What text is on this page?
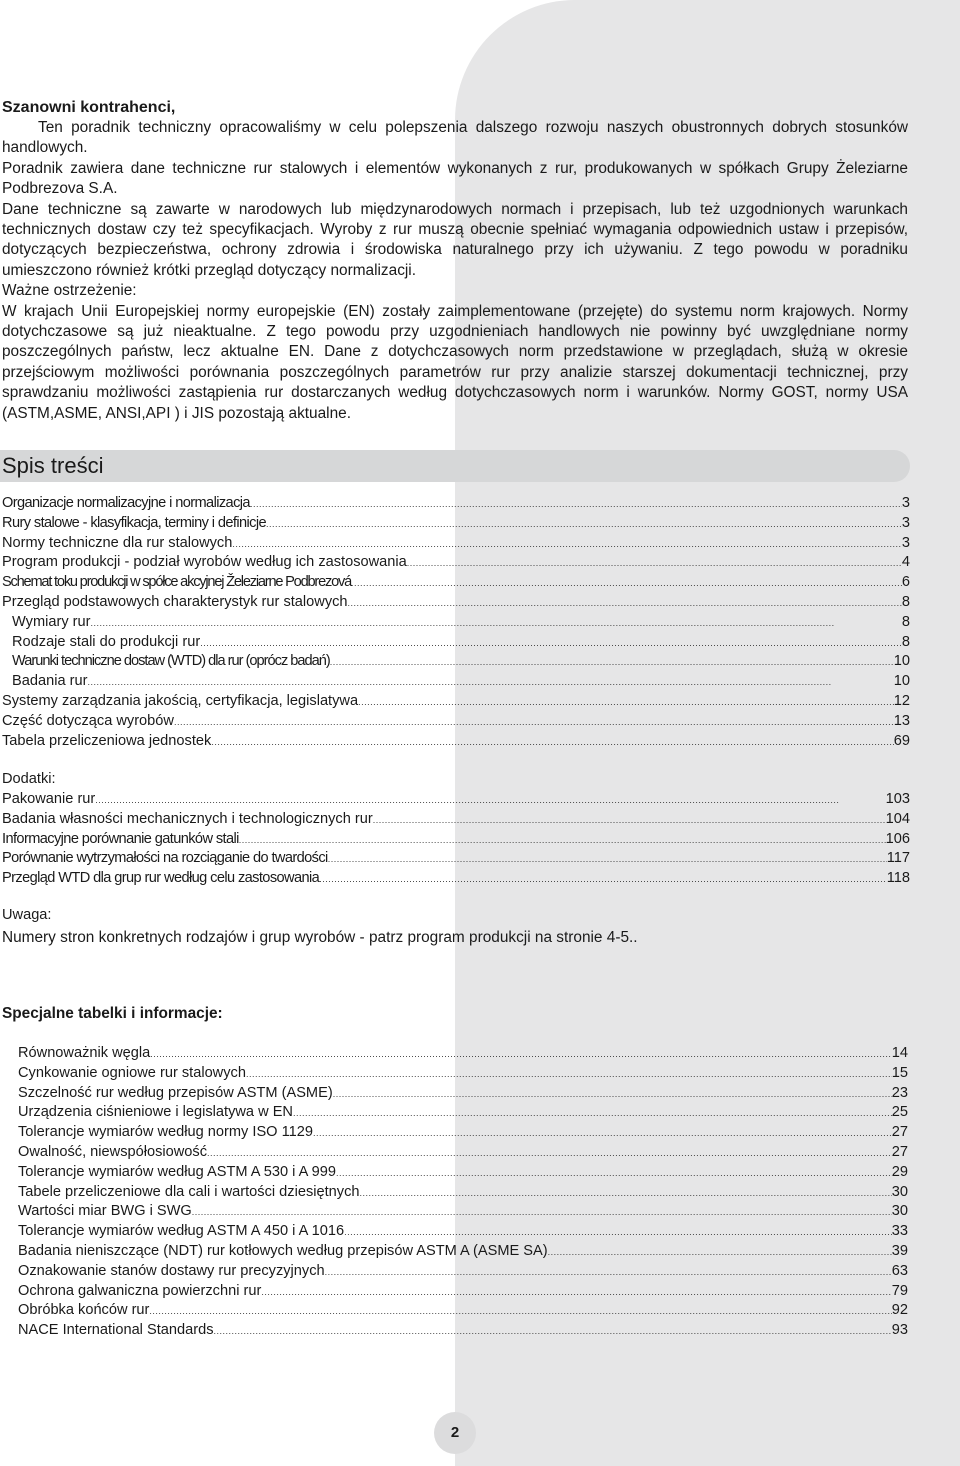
Szanowni kontrahenci,

Ten poradnik techniczny opracowaliśmy w celu polepszenia dalszego rozwoju naszych obustronnych dobrych stosunków handlowych.

Poradnik zawiera dane techniczne rur stalowych i elementów wykonanych z rur, produkowanych w spółkach Grupy Żeleziarne Podbrezova S.A.

Dane techniczne są zawarte w narodowych lub międzynarodowych normach i przepisach, lub też uzgodnionych warunkach technicznych dostaw czy też specyfikacjach. Wyroby z rur muszą obecnie spełniać wymagania odpowiednich ustaw i przepisów, dotyczących bezpieczeństwa, ochrony zdrowia i środowiska naturalnego przy ich używaniu. Z tego powodu w poradniku umieszczono również krótki przegląd dotyczący normalizacji.

Ważne ostrzeżenie:

W krajach Unii Europejskiej normy europejskie (EN) zostały zaimplementowane (przejęte) do systemu norm krajowych. Normy dotychczasowe są już nieaktualne. Z tego powodu przy uzgodnieniach handlowych nie powinny być uwzględniane normy poszczególnych państw, lecz aktualne EN. Dane z dotychczasowych norm przedstawione w przeglądach, służą w okresie przejściowym możliwości porównania poszczególnych parametrów rur przy analizie starszej dokumentacji technicznej, przy sprawdzaniu możliwości zastąpienia rur dostarczanych według dotychczasowych norm i warunków. Normy GOST, normy USA (ASTM,ASME, ANSI,API ) i JIS pozostają aktualne.

Spis treści
Organizacje normalizacyjne i normalizacja .....	3
Rury stalowe - klasyfikacja, terminy i definicje .....	3
Normy techniczne dla rur stalowych .....	3
Program produkcji - podział wyrobów według ich zastosowania .....	4
Schemat toku produkcji w spółce akcyjnej Železiarne Podbrezová .....	6
Przegląd podstawowych charakterystyk rur stalowych .....	8
Wymiary rur .....	8
Rodzaje stali do produkcji rur .....	8
Warunki techniczne dostaw (WTD) dla rur (oprócz badań) .....	10
Badania rur .....	10
Systemy zarządzania jakością, certyfikacja, legislatywa .....	12
Część dotycząca wyrobów .....	13
Tabela przeliczeniowa jednostek .....	69
Dodatki:
Pakowanie rur .....	103
Badania własności mechanicznych i technologicznych rur .....	104
Informacyjne porównanie gatunków stali .....	106
Porównanie wytrzymałości na rozciąganie do twardości .....	117
Przegląd WTD dla grup rur według celu zastosowania .....	118
Uwaga:
Numery stron konkretnych rodzajów i grup wyrobów - patrz program produkcji na stronie 4-5..
Specjalne tabelki i informacje:
Równoważnik węgla .....	14
Cynkowanie ogniowe rur stalowych .....	15
Szczelność rur według przepisów ASTM (ASME) .....	23
Urządzenia ciśnieniowe i legislatywa w EN .....	25
Tolerancje wymiarów według normy ISO 1129 .....	27
Owalność, niewspółosiowość .....	27
Tolerancje wymiarów według ASTM A 530 i A 999 .....	29
Tabele przeliczeniowe dla cali i wartości dziesiętnych .....	30
Wartości miar BWG i SWG .....	30
Tolerancje wymiarów według ASTM A 450 i A 1016 .....	33
Badania nieniszczące (NDT) rur kotłowych według przepisów ASTM A (ASME SA) .....	39
Oznakowanie stanów dostawy rur precyzyjnych .....	63
Ochrona galwaniczna powierzchni rur .....	79
Obróbka końców rur .....	92
NACE International Standards .....	93
2
